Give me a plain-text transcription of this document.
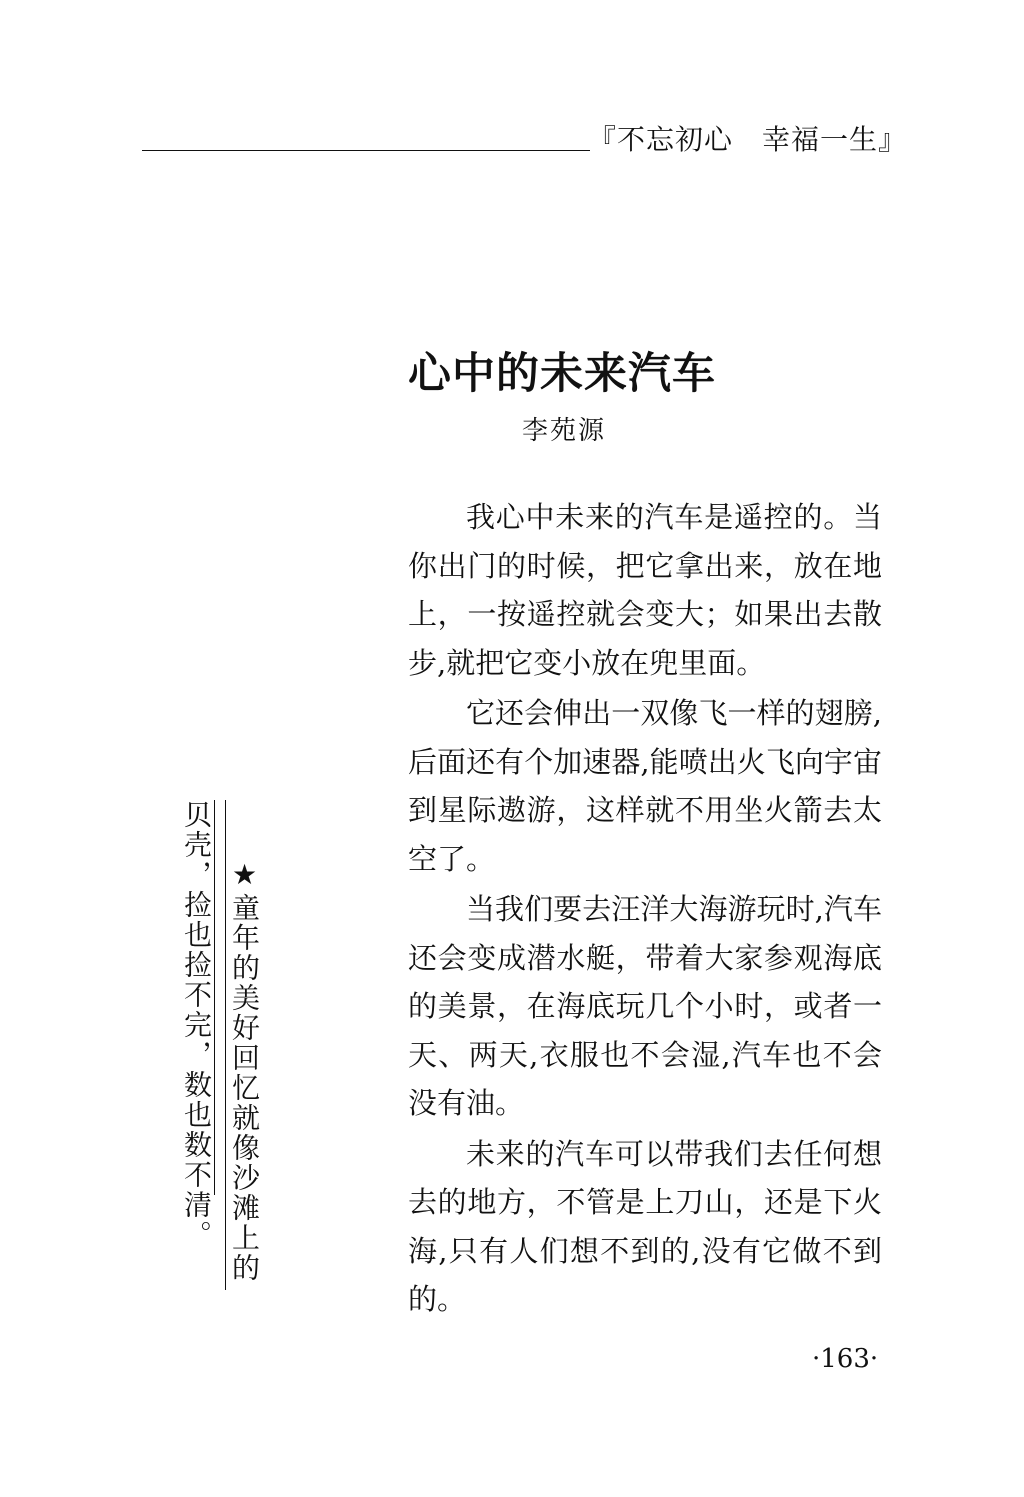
『不忘初心　幸福一生』
心中的未来汽车
李苑源

我心中未来的汽车是遥控的。当你出门的时候，把它拿出来，放在地上，一按遥控就会变大；如果出去散步,就把它变小放在兜里面。

它还会伸出一双像飞一样的翅膀,后面还有个加速器,能喷出火飞向宇宙到星际遨游，这样就不用坐火箭去太空了。

当我们要去汪洋大海游玩时,汽车还会变成潜水艇，带着大家参观海底的美景，在海底玩几个小时，或者一天、两天,衣服也不会湿,汽车也不会没有油。

未来的汽车可以带我们去任何想去的地方，不管是上刀山，还是下火海,只有人们想不到的,没有它做不到的。

★童年的美好回忆就像沙滩上的
贝壳，捡也捡不完，数也数不清。
·163·
